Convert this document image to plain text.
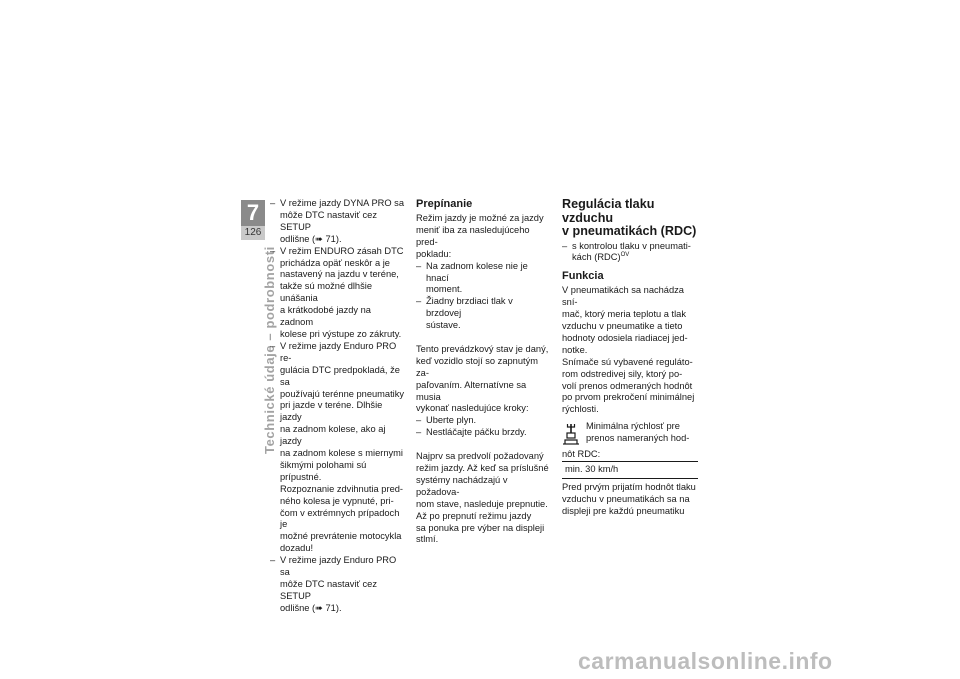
7
126
Technické údaje – podrobnosti
– V režime jazdy DYNA PRO sa
môže DTC nastaviť cez SETUP
odlišne (➠ 71).
– V režim ENDURO zásah DTC
prichádza opäť neskôr a je
nastavený na jazdu v teréne,
takže sú možné dlhšie unášania
a krátkodobé jazdy na zadnom
kolese pri výstupe zo zákruty.
– V režime jazdy Enduro PRO re-
gulácia DTC predpokladá, že sa
používajú terénne pneumatiky
pri jazde v teréne. Dlhšie jazdy
na zadnom kolese, ako aj jazdy
na zadnom kolese s miernymi
šikmými polohami sú prípustné.
Rozpoznanie zdvihnutia pred-
ného kolesa je vypnuté, pri-
čom v extrémnych prípadoch je
možné prevrátenie motocykla
dozadu!
– V režime jazdy Enduro PRO sa
môže DTC nastaviť cez SETUP
odlišne (➠ 71).
Prepínanie
Režim jazdy je možné za jazdy
meniť iba za nasledujúceho pred-
pokladu:
– Na zadnom kolese nie je hnací
moment.
– Žiadny brzdiaci tlak v brzdovej
sústave.
Tento prevádzkový stav je daný,
keď vozidlo stojí so zapnutým za-
paľovaním. Alternatívne sa musia
vykonať nasledujúce kroky:
– Uberte plyn.
– Nestláčajte páčku brzdy.
Najprv sa predvolí požadovaný
režim jazdy. Až keď sa príslušné
systémy nachádzajú v požadova-
nom stave, nasleduje prepnutie.
Až po prepnutí režimu jazdy
sa ponuka pre výber na displeji
stlmí.
Regulácia tlaku
vzduchu
v pneumatikách (RDC)
– s kontrolou tlaku v pneumati-
kách (RDC)$^{OV}$
Funkcia
V pneumatikách sa nachádza sní-
mač, ktorý meria teplotu a tlak
vzduchu v pneumatike a tieto
hodnoty odosiela riadiacej jed-
notke.
Snímače sú vybavené reguláto-
rom odstredivej sily, ktorý po-
volí prenos odmeraných hodnôt
po prvom prekročení minimálnej
rýchlosti.
Minimálna rýchlosť pre
prenos nameraných hod-
nôt RDC:
min. 30 km/h
Pred prvým prijatím hodnôt tlaku
vzduchu v pneumatikách sa na
displeji pre každú pneumatiku
carmanualsonline.info
